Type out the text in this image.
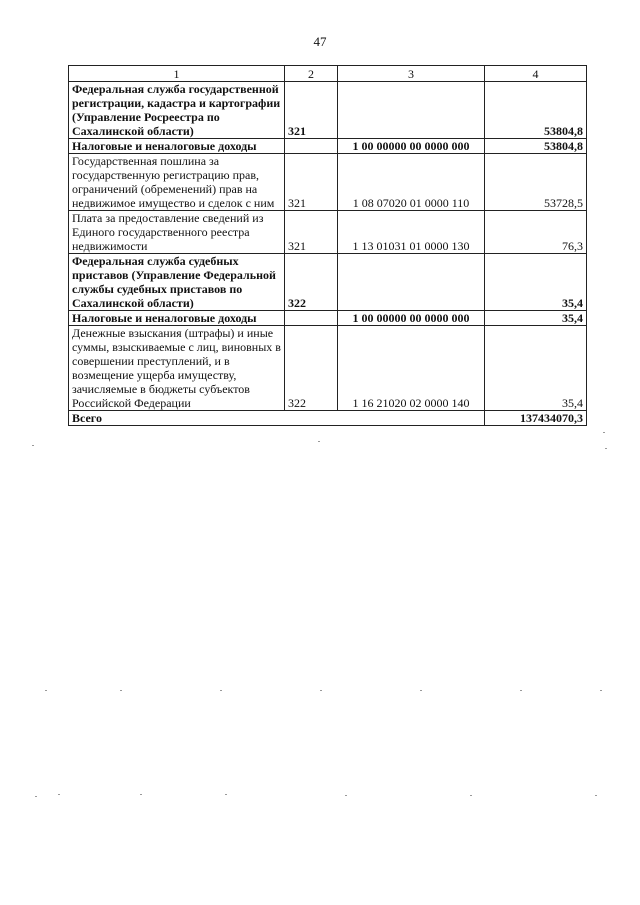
47
1	2	3	4
Федеральная служба государственной регистрации, кадастра и картографии (Управление Росреестра по Сахалинской области)	321		53804,8
Налоговые и неналоговые доходы		1 00 00000 00 0000 000	53804,8
Государственная пошлина за государственную регистрацию прав, ограничений (обременений) прав на недвижимое имущество и сделок с ним	321	1 08 07020 01 0000 110	53728,5
Плата за предоставление сведений из Единого государственного реестра недвижимости	321	1 13 01031 01 0000 130	76,3
Федеральная служба судебных приставов (Управление Федеральной службы судебных приставов по Сахалинской области)	322		35,4
Налоговые и неналоговые доходы		1 00 00000 00 0000 000	35,4
Денежные взыскания (штрафы) и иные суммы, взыскиваемые с лиц, виновных в совершении преступлений, и в возмещение ущерба имуществу, зачисляемые в бюджеты субъектов Российской Федерации	322	1 16 21020 02 0000 140	35,4
Всего			137434070,3
